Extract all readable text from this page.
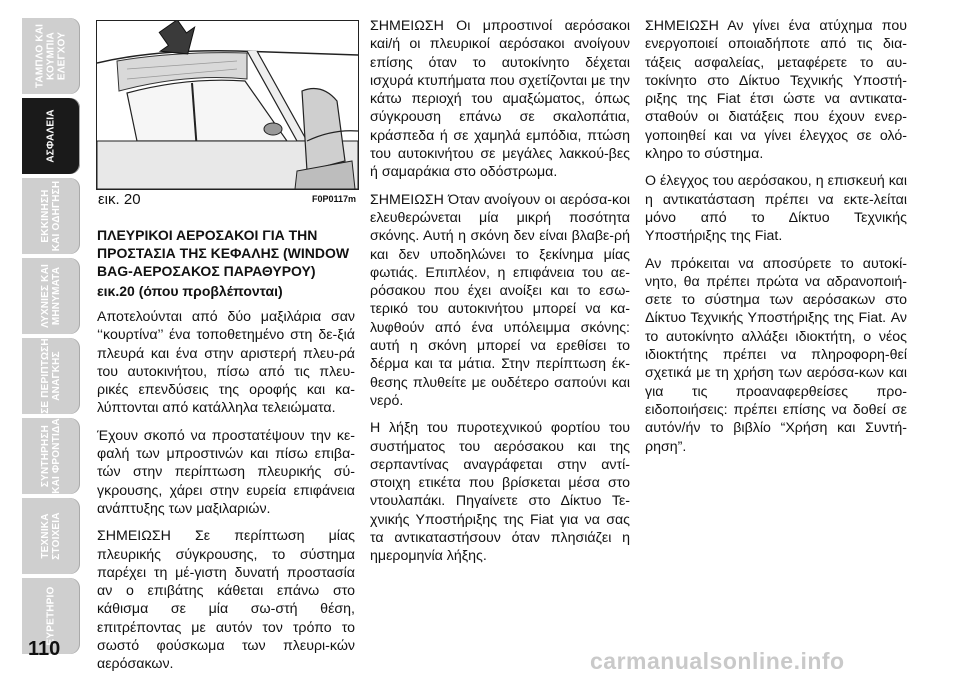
ΤΑΜΠΛΟ ΚΑΙ
ΚΟΥΜΠΙΑ
ΕΛΕΓΧΟΥ
ΑΣΦΑΛΕΙΑ
ΕΚΚΙΝΗΣΗ
ΚΑΙ ΟΔΗΓΗΣΗ
ΛΥΧΝΙΕΣ ΚΑΙ
ΜΗΝΥΜΑΤΑ
ΣΕ ΠΕΡΙΠΤΩΣΗ
ΑΝΑΓΚΗΣ
ΣΥΝΤΗΡΗΣΗ
ΚΑΙ ΦΡΟΝΤΙΔΑ
ΤΕΧΝΙΚΑ
ΣΤΟΙΧΕΙΑ
ΕΥΡΕΤΗΡΙΟ
110
εικ. 20	F0P0117m
ΠΛΕΥΡΙΚΟΙ ΑΕΡΟΣΑΚΟΙ ΓΙΑ ΤΗΝ ΠΡΟΣΤΑΣΙΑ ΤΗΣ ΚΕΦΑΛΗΣ (WINDOW BAG-ΑΕΡΟΣΑΚΟΣ ΠΑΡΑΘΥΡΟΥ)
εικ.20 (όπου προβλέπονται)

Αποτελούνται από δύο μαξιλάρια σαν ‘‘κουρτίνα’’ ένα τοποθετημένο στη δε-ξιά πλευρά και ένα στην αριστερή πλευ-ρά του αυτοκινήτου, πίσω από τις πλευ-ρικές επενδύσεις της οροφής και κα-λύπτονται από κατάλληλα τελειώματα.

Έχουν σκοπό να προστατέψουν την κε-φαλή των μπροστινών και πίσω επιβα-τών στην περίπτωση πλευρικής σύ-γκρουσης, χάρει στην ευρεία επιφάνεια ανάπτυξης των μαξιλαριών.

ΣΗΜΕΙΩΣΗ Σε περίπτωση μίας πλευρικής σύγκρουσης, το σύστημα παρέχει τη μέ-γιστη δυνατή προστασία αν ο επιβάτης κάθεται επάνω στο κάθισμα σε μία σω-στή θέση, επιτρέποντας με αυτόν τον τρόπο το σωστό φούσκωμα των πλευρι-κών αερόσακων.

ΣΗΜΕΙΩΣΗ Οι μπροστινοί αερόσακοι καi/ή οι πλευρικοί αερόσακοι ανοίγουν επίσης όταν το αυτοκίνητο δέχεται ισχυρά κτυπήματα που σχετίζονται με την κάτω περιοχή του αμαξώματος, όπως σύγκρουση επάνω σε σκαλοπάτια, κράσπεδα ή σε χαμηλά εμπόδια, πτώση του αυτοκινήτου σε μεγάλες λακκού-βες ή σαμαράκια στο οδόστρωμα.

ΣΗΜΕΙΩΣΗ Όταν ανοίγουν οι αερόσα-κοι ελευθερώνεται μία μικρή ποσότητα σκόνης. Αυτή η σκόνη δεν είναι βλαβε-ρή και δεν υποδηλώνει το ξεκίνημα μίας φωτιάς. Επιπλέον, η επιφάνεια του αε-ρόσακου που έχει ανοίξει και το εσω-τερικό του αυτοκινήτου μπορεί να κα-λυφθούν από ένα υπόλειμμα σκόνης: αυτή η σκόνη μπορεί να ερεθίσει το δέρμα και τα μάτια. Στην περίπτωση έκ-θεσης πλυθείτε με ουδέτερο σαπούνι και νερό.

Η λήξη του πυροτεχνικού φορτίου του συστήματος του αερόσακου και της σερπαντίνας αναγράφεται στην αντί-στοιχη ετικέτα που βρίσκεται μέσα στο ντουλαπάκι. Πηγαίνετε στο Δίκτυο Τε-χνικής Υποστήριξης της Fiat για να σας τα αντικαταστήσουν όταν πλησιάζει η ημερομηνία λήξης.

ΣΗΜΕΙΩΣΗ Αν γίνει ένα ατύχημα που ενεργοποιεί οποιαδήποτε από τις δια-τάξεις ασφαλείας, μεταφέρετε το αυ-τοκίνητο στο Δίκτυο Τεχνικής Υποστή-ριξης της Fiat έτσι ώστε να αντικατα-σταθούν οι διατάξεις που έχουν ενερ-γοποιηθεί και να γίνει έλεγχος σε ολό-κληρο το σύστημα.

Ο έλεγχος του αερόσακου, η επισκευή και η αντικατάσταση πρέπει να εκτε-λείται μόνο από το Δίκτυο Τεχνικής Υποστήριξης της Fiat.

Αν πρόκειται να αποσύρετε το αυτοκί-νητο, θα πρέπει πρώτα να αδρανοποιή-σετε το σύστημα των αερόσακων στο Δίκτυο Τεχνικής Υποστήριξης της Fiat. Αν το αυτοκίνητο αλλάξει ιδιοκτήτη, ο νέος ιδιοκτήτης πρέπει να πληροφορη-θεί σχετικά με τη χρήση των αερόσα-κων και για τις προαναφερθείσες πρo-ειδοποιήσεις: πρέπει επίσης να δοθεί σε αυτόν/ήν το βιβλίο “Χρήση και Συντή-ρηση”.

carmanualsonline.info
